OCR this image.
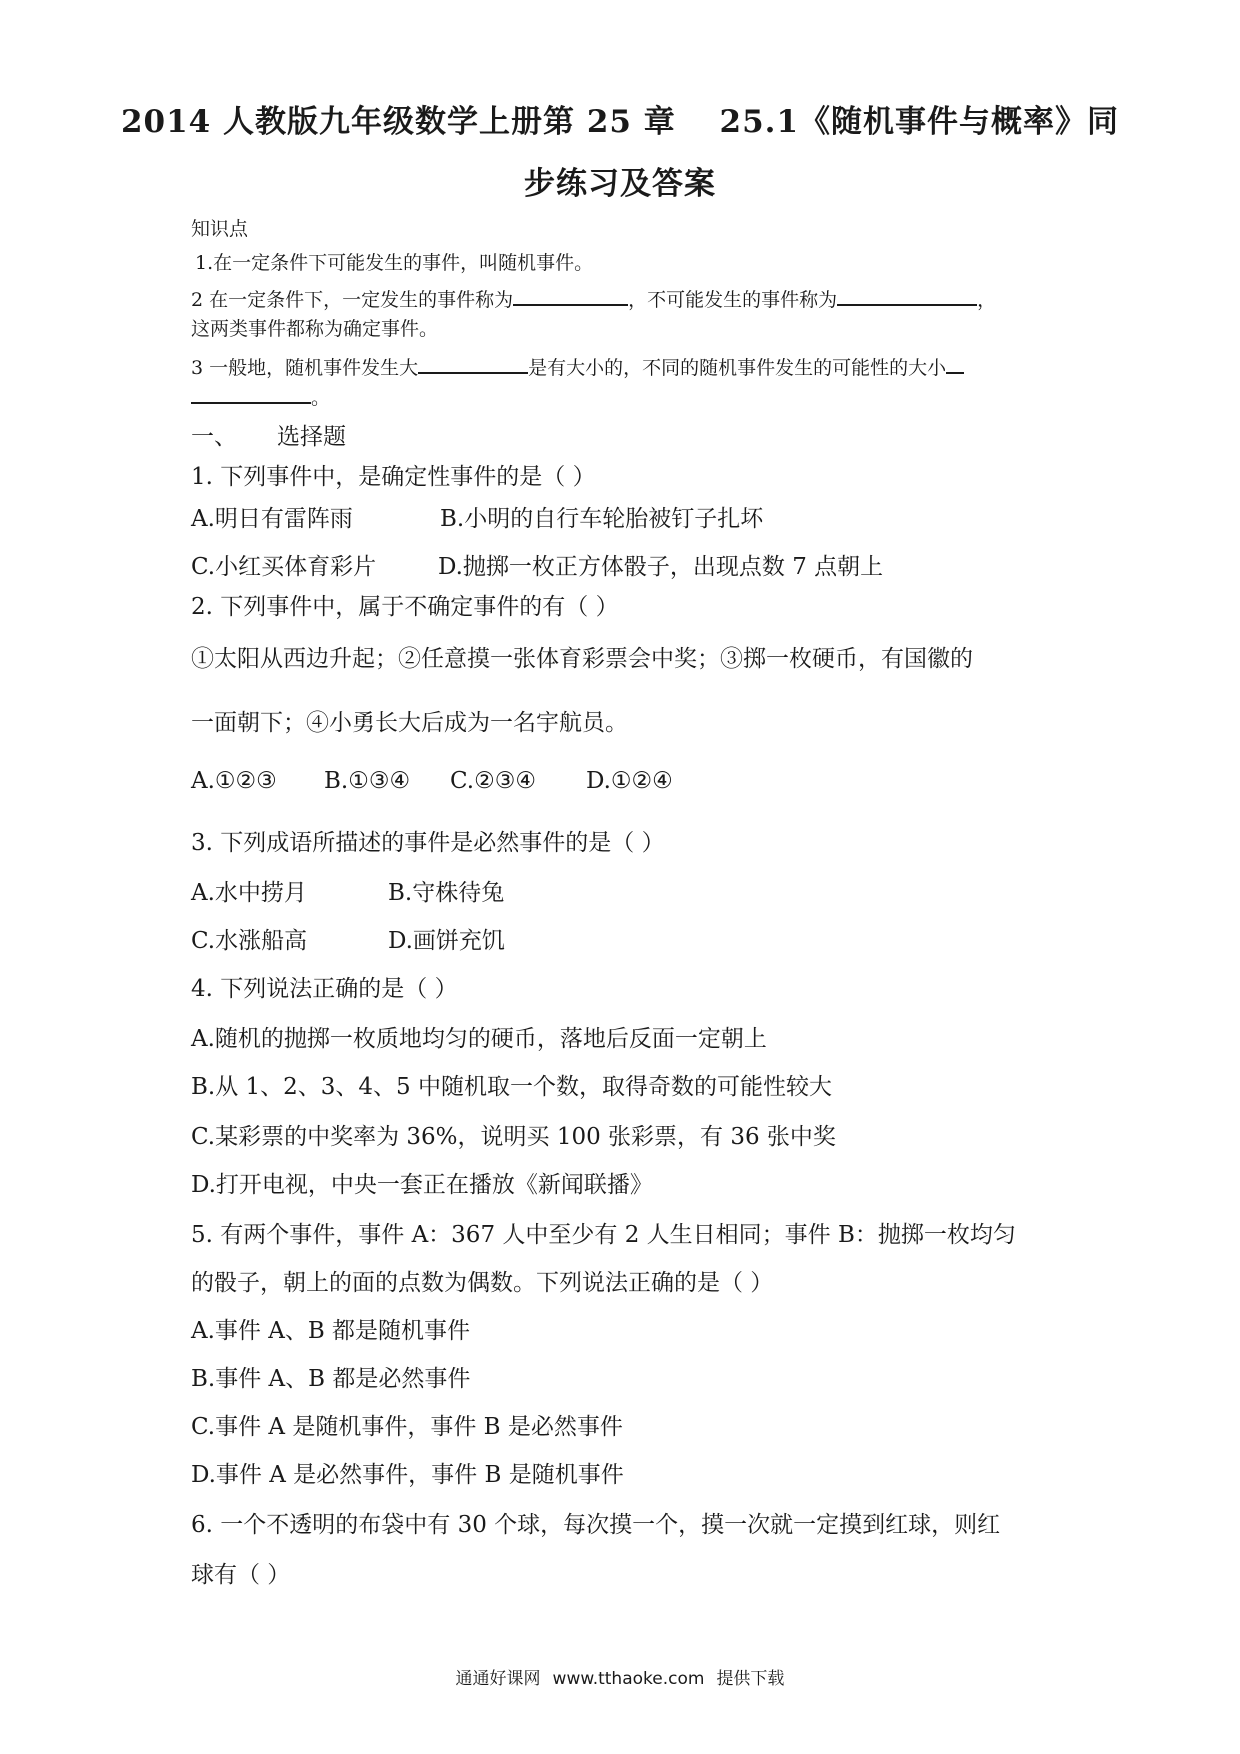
2014 人教版九年级数学上册第 25 章　 25.1《随机事件与概率》同
步练习及答案
知识点
1.在一定条件下可能发生的事件，叫随机事件。
2 在一定条件下，一定发生的事件称为	，不可能发生的事件称为	，
这两类事件都称为确定事件。
3 一般地，随机事件发生大	是有大小的，不同的随机事件发生的可能性的大小
。
一、 选择题
1. 下列事件中，是确定性事件的是（ ）
A.明日有雷阵雨	B.小明的自行车轮胎被钉子扎坏
C.小红买体育彩片	D.抛掷一枚正方体骰子，出现点数 7 点朝上
2. 下列事件中，属于不确定事件的有（ ）
①太阳从西边升起；②任意摸一张体育彩票会中奖；③掷一枚硬币，有国徽的
一面朝下；④小勇长大后成为一名宇航员。
A.①②③ B.①③④ C.②③④ D.①②④
3. 下列成语所描述的事件是必然事件的是（ ）
A.水中捞月	B.守株待兔
C.水涨船高	D.画饼充饥
4. 下列说法正确的是（ ）
A.随机的抛掷一枚质地均匀的硬币，落地后反面一定朝上
B.从 1、2、3、4、5 中随机取一个数，取得奇数的可能性较大
C.某彩票的中奖率为 36%，说明买 100 张彩票，有 36 张中奖
D.打开电视，中央一套正在播放《新闻联播》
5. 有两个事件，事件 A：367 人中至少有 2 人生日相同；事件 B：抛掷一枚均匀
的骰子，朝上的面的点数为偶数。下列说法正确的是（ ）
A.事件 A、B 都是随机事件
B.事件 A、B 都是必然事件
C.事件 A 是随机事件，事件 B 是必然事件
D.事件 A 是必然事件，事件 B 是随机事件
6. 一个不透明的布袋中有 30 个球，每次摸一个，摸一次就一定摸到红球，则红
球有（ ）
通通好课网 www.tthaoke.com 提供下载
